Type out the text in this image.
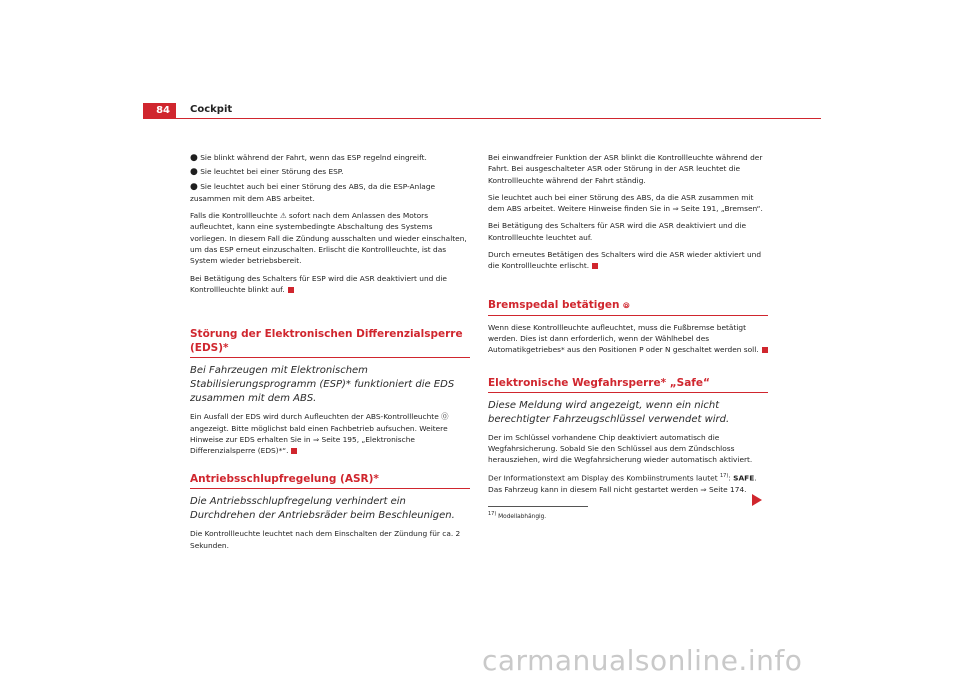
84	Cockpit

● Sie blinkt während der Fahrt, wenn das ESP regelnd eingreift.

● Sie leuchtet bei einer Störung des ESP.

● Sie leuchtet auch bei einer Störung des ABS, da die ESP-Anlage zusammen mit dem ABS arbeitet.

Falls die Kontrollleuchte ⚠ sofort nach dem Anlassen des Motors aufleuchtet, kann eine systembedingte Abschaltung des Systems vorliegen. In diesem Fall die Zündung ausschalten und wieder einschalten, um das ESP erneut einzuschalten. Erlischt die Kontrollleuchte, ist das System wieder betriebsbereit.

Bei Betätigung des Schalters für ESP wird die ASR deaktiviert und die Kontrollleuchte blinkt auf.

Störung der Elektronischen Differenzialsperre (EDS)*

Bei Fahrzeugen mit Elektronischem Stabilisierungsprogramm (ESP)* funktioniert die EDS zusammen mit dem ABS.

Ein Ausfall der EDS wird durch Aufleuchten der ABS-Kontrollleuchte ⓪ angezeigt. Bitte möglichst bald einen Fachbetrieb aufsuchen. Weitere Hinweise zur EDS erhalten Sie in ⇒ Seite 195, „Elektronische Differenzialsperre (EDS)*“.

Antriebsschlupfregelung (ASR)*

Die Antriebsschlupfregelung verhindert ein Durchdrehen der Antriebsräder beim Beschleunigen.

Die Kontrollleuchte leuchtet nach dem Einschalten der Zündung für ca. 2 Sekunden.

Bei einwandfreier Funktion der ASR blinkt die Kontrollleuchte während der Fahrt. Bei ausgeschalteter ASR oder Störung in der ASR leuchtet die Kontrollleuchte während der Fahrt ständig.

Sie leuchtet auch bei einer Störung des ABS, da die ASR zusammen mit dem ABS arbeitet. Weitere Hinweise finden Sie in ⇒ Seite 191, „Bremsen“.

Bei Betätigung des Schalters für ASR wird die ASR deaktiviert und die Kontrollleuchte leuchtet auf.

Durch erneutes Betätigen des Schalters wird die ASR wieder aktiviert und die Kontrollleuchte erlischt.

Bremspedal betätigen ⦾

Wenn diese Kontrollleuchte aufleuchtet, muss die Fußbremse betätigt werden. Dies ist dann erforderlich, wenn der Wählhebel des Automatikgetriebes* aus den Positionen P oder N geschaltet werden soll.

Elektronische Wegfahrsperre* „Safe“

Diese Meldung wird angezeigt, wenn ein nicht berechtigter Fahrzeugschlüssel verwendet wird.

Der im Schlüssel vorhandene Chip deaktiviert automatisch die Wegfahrsicherung. Sobald Sie den Schlüssel aus dem Zündschloss herausziehen, wird die Wegfahrsicherung wieder automatisch aktiviert.

Der Informationstext am Display des Kombiinstruments lautet $^{17)}$: SAFE. Das Fahrzeug kann in diesem Fall nicht gestartet werden ⇒ Seite 174.

17) Modellabhängig.

carmanualsonline.info
